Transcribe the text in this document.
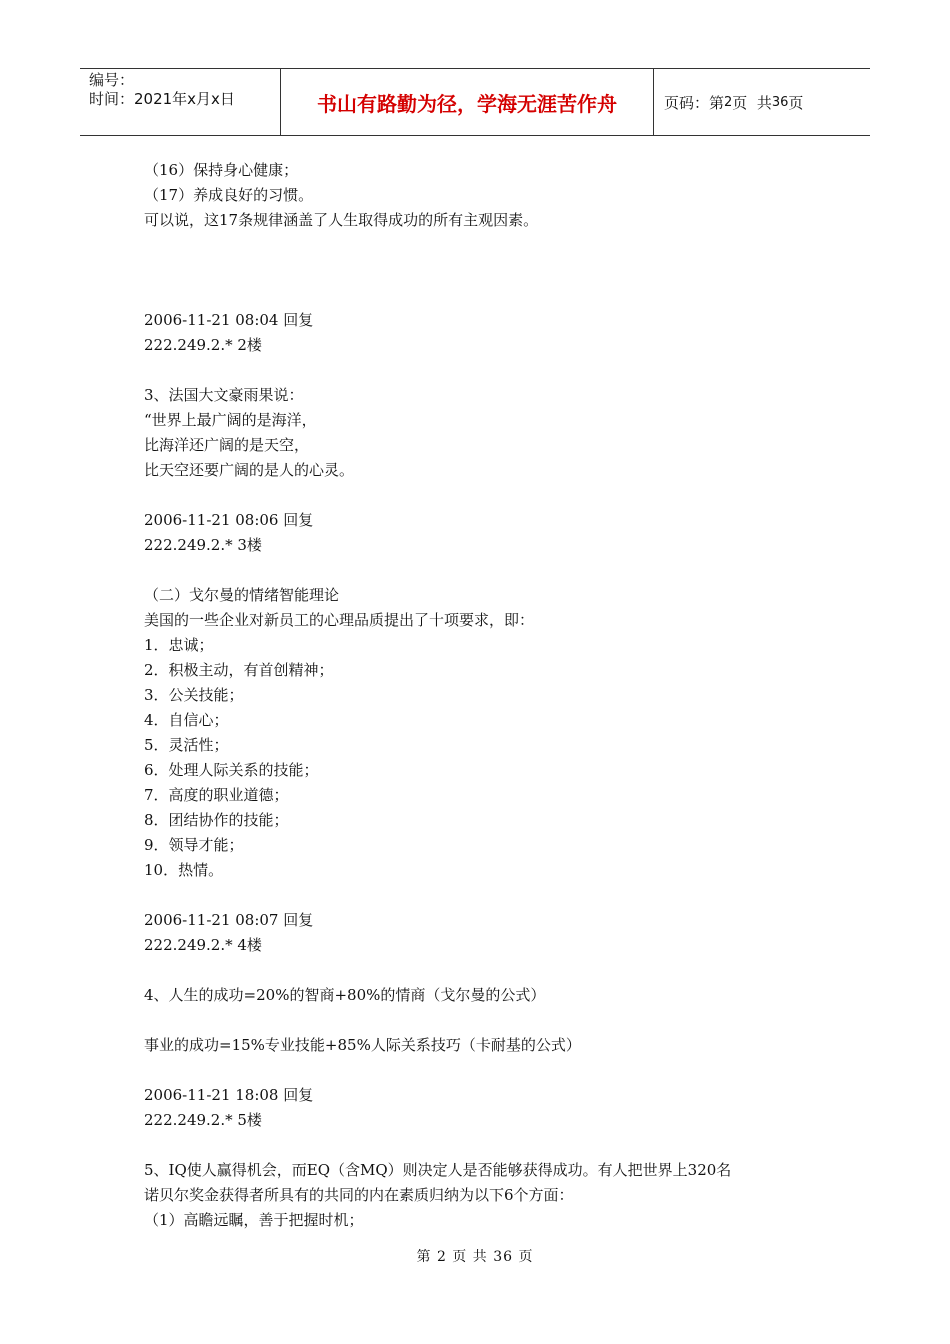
编号：
时间：2021年x月x日	书山有路勤为径，学海无涯苦作舟	页码：第 2 页  共 36 页
（16）保持身心健康；
（17）养成良好的习惯。
可以说，这17条规律涵盖了人生取得成功的所有主观因素。
2006-11-21 08:04 回复
222.249.2.* 2楼
3、法国大文豪雨果说：
“世界上最广阔的是海洋，
比海洋还广阔的是天空，
比天空还要广阔的是人的心灵。
2006-11-21 08:06 回复
222.249.2.* 3楼
（二）戈尔曼的情绪智能理论
美国的一些企业对新员工的心理品质提出了十项要求，即：
1．忠诚；
2．积极主动，有首创精神；
3．公关技能；
4．自信心；
5．灵活性；
6．处理人际关系的技能；
7．高度的职业道德；
8．团结协作的技能；
9．领导才能；
10．热情。
2006-11-21 08:07 回复
222.249.2.* 4楼
4、人生的成功=20%的智商+80%的情商（戈尔曼的公式）
事业的成功=15%专业技能+85%人际关系技巧（卡耐基的公式）
2006-11-21 18:08 回复
222.249.2.* 5楼
5、IQ使人赢得机会，而EQ（含MQ）则决定人是否能够获得成功。有人把世界上320名
诺贝尔奖金获得者所具有的共同的内在素质归纳为以下6个方面：
（1）高瞻远瞩，善于把握时机；
第 2 页 共 36 页
